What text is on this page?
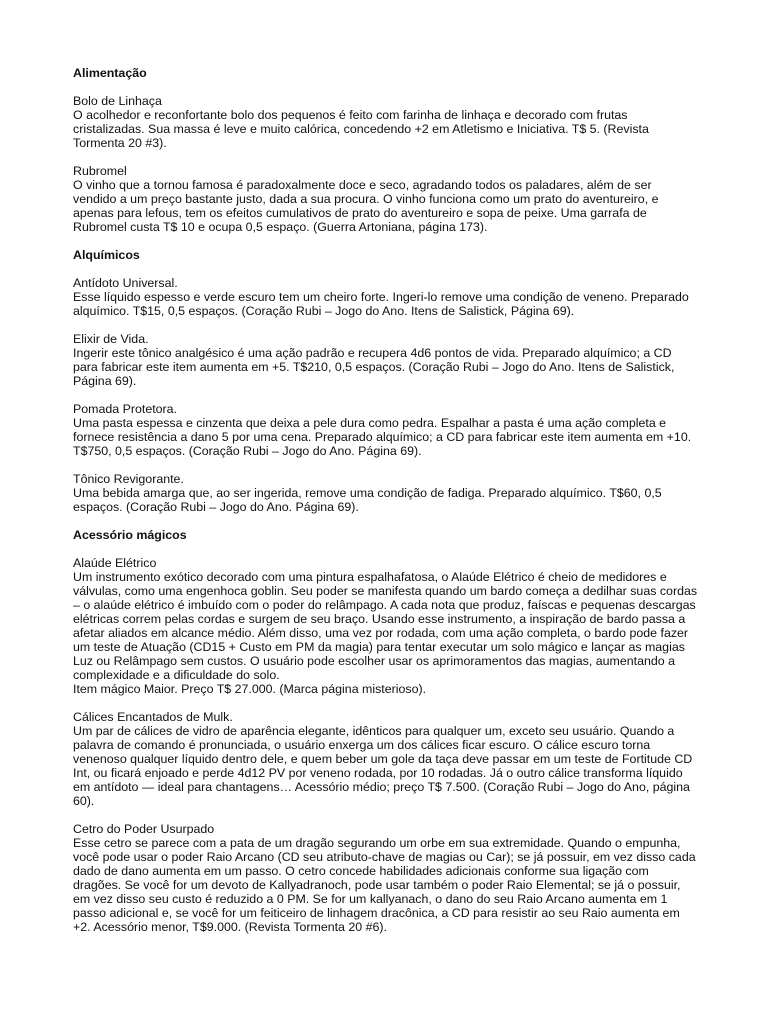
Alimentação

Bolo de Linhaça

O acolhedor e reconfortante bolo dos pequenos é feito com farinha de linhaça e decorado com frutas cristalizadas. Sua massa é leve e muito calórica, concedendo +2 em Atletismo e Iniciativa. T$ 5. (Revista Tormenta 20 #3).

Rubromel

O vinho que a tornou famosa é paradoxalmente doce e seco, agradando todos os paladares, além de ser vendido a um preço bastante justo, dada a sua procura. O vinho funciona como um prato do aventureiro, e apenas para lefous, tem os efeitos cumulativos de prato do aventureiro e sopa de peixe. Uma garrafa de Rubromel custa T$ 10 e ocupa 0,5 espaço. (Guerra Artoniana, página 173).

Alquímicos

Antídoto Universal.

Esse líquido espesso e verde escuro tem um cheiro forte. Ingeri-lo remove uma condição de veneno. Preparado alquímico. T$15, 0,5 espaços. (Coração Rubi – Jogo do Ano. Itens de Salistick, Página 69).

Elixir de Vida.

Ingerir este tônico analgésico é uma ação padrão e recupera 4d6 pontos de vida. Preparado alquímico; a CD para fabricar este item aumenta em +5. T$210, 0,5 espaços. (Coração Rubi – Jogo do Ano. Itens de Salistick, Página 69).

Pomada Protetora.

Uma pasta espessa e cinzenta que deixa a pele dura como pedra. Espalhar a pasta é uma ação completa e fornece resistência a dano 5 por uma cena. Preparado alquímico; a CD para fabricar este item aumenta em +10. T$750, 0,5 espaços. (Coração Rubi – Jogo do Ano. Página 69).

Tônico Revigorante.

Uma bebida amarga que, ao ser ingerida, remove uma condição de fadiga. Preparado alquímico. T$60, 0,5 espaços. (Coração Rubi – Jogo do Ano. Página 69).

Acessório mágicos

Alaúde Elétrico

Um instrumento exótico decorado com uma pintura espalhafatosa, o Alaúde Elétrico é cheio de medidores e válvulas, como uma engenhoca goblin. Seu poder se manifesta quando um bardo começa a dedilhar suas cordas – o alaúde elétrico é imbuído com o poder do relâmpago. A cada nota que produz, faíscas e pequenas descargas elétricas correm pelas cordas e surgem de seu braço. Usando esse instrumento, a inspiração de bardo passa a afetar aliados em alcance médio. Além disso, uma vez por rodada, com uma ação completa, o bardo pode fazer um teste de Atuação (CD15 + Custo em PM da magia) para tentar executar um solo mágico e lançar as magias Luz ou Relâmpago sem custos. O usuário pode escolher usar os aprimoramentos das magias, aumentando a complexidade e a dificuldade do solo.
Item mágico Maior. Preço T$ 27.000. (Marca página misterioso).

Cálices Encantados de Mulk.

Um par de cálices de vidro de aparência elegante, idênticos para qualquer um, exceto seu usuário. Quando a palavra de comando é pronunciada, o usuário enxerga um dos cálices ficar escuro. O cálice escuro torna venenoso qualquer líquido dentro dele, e quem beber um gole da taça deve passar em um teste de Fortitude CD Int, ou ficará enjoado e perde 4d12 PV por veneno rodada, por 10 rodadas. Já o outro cálice transforma líquido em antídoto — ideal para chantagens… Acessório médio; preço T$ 7.500. (Coração Rubi – Jogo do Ano, página 60).

Cetro do Poder Usurpado

Esse cetro se parece com a pata de um dragão segurando um orbe em sua extremidade. Quando o empunha, você pode usar o poder Raio Arcano (CD seu atributo-chave de magias ou Car); se já possuir, em vez disso cada dado de dano aumenta em um passo. O cetro concede habilidades adicionais conforme sua ligação com dragões. Se você for um devoto de Kallyadranoch, pode usar também o poder Raio Elemental; se já o possuir, em vez disso seu custo é reduzido a 0 PM. Se for um kallyanach, o dano do seu Raio Arcano aumenta em 1 passo adicional e, se você for um feiticeiro de linhagem dracônica, a CD para resistir ao seu Raio aumenta em +2. Acessório menor, T$9.000. (Revista Tormenta 20 #6).
